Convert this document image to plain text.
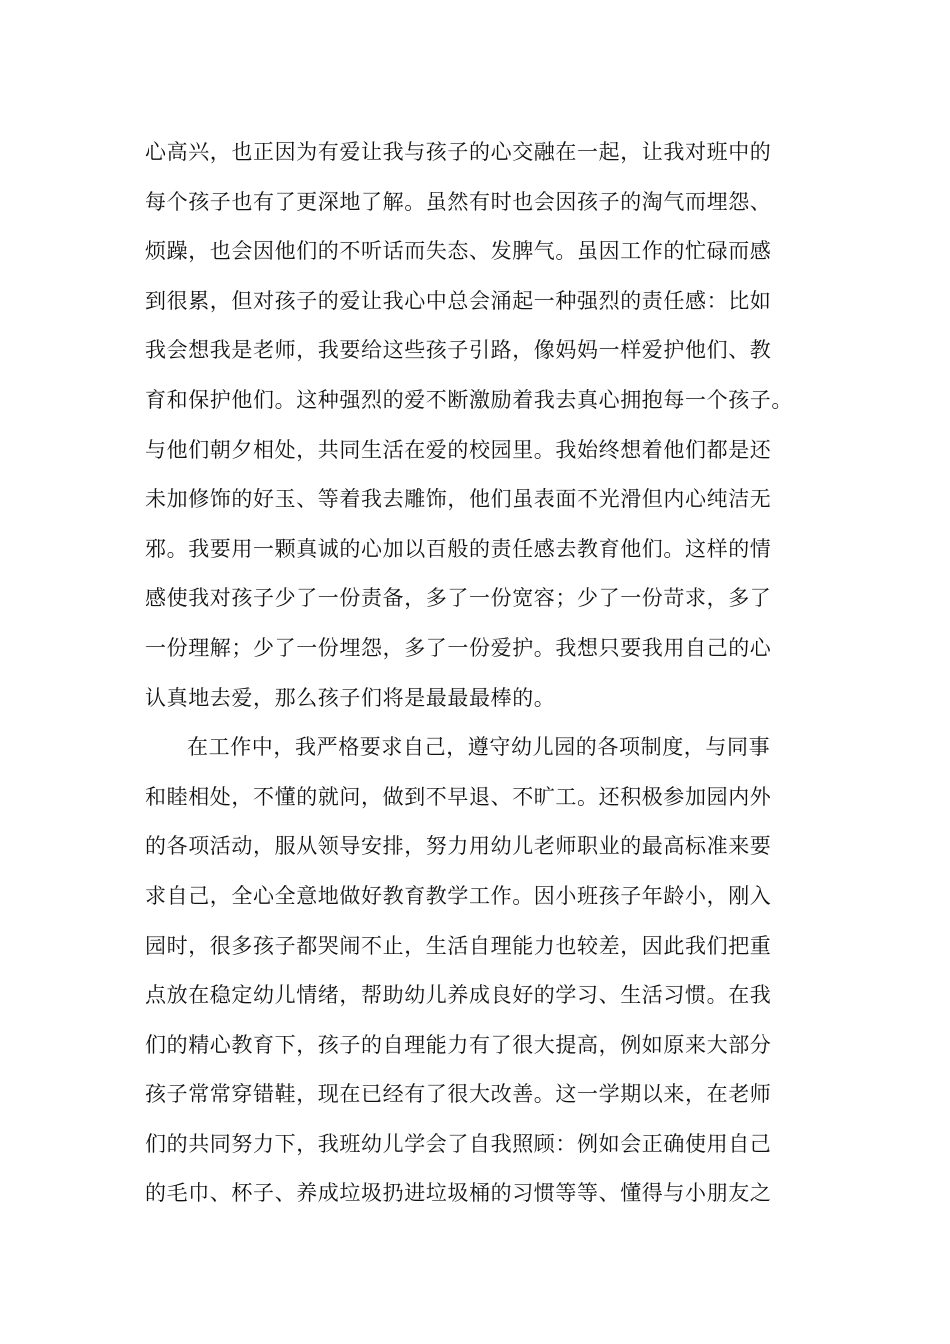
心高兴，也正因为有爱让我与孩子的心交融在一起，让我对班中的
每个孩子也有了更深地了解。虽然有时也会因孩子的淘气而埋怨、
烦躁，也会因他们的不听话而失态、发脾气。虽因工作的忙碌而感
到很累，但对孩子的爱让我心中总会涌起一种强烈的责任感：比如
我会想我是老师，我要给这些孩子引路，像妈妈一样爱护他们、教
育和保护他们。这种强烈的爱不断激励着我去真心拥抱每一个孩子。
与他们朝夕相处，共同生活在爱的校园里。我始终想着他们都是还
未加修饰的好玉、等着我去雕饰，他们虽表面不光滑但内心纯洁无
邪。我要用一颗真诚的心加以百般的责任感去教育他们。这样的情
感使我对孩子少了一份责备，多了一份宽容；少了一份苛求，多了
一份理解；少了一份埋怨，多了一份爱护。我想只要我用自己的心
认真地去爱，那么孩子们将是最最最棒的。
在工作中，我严格要求自己，遵守幼儿园的各项制度，与同事
和睦相处，不懂的就问，做到不早退、不旷工。还积极参加园内外
的各项活动，服从领导安排，努力用幼儿老师职业的最高标准来要
求自己，全心全意地做好教育教学工作。因小班孩子年龄小，刚入
园时，很多孩子都哭闹不止，生活自理能力也较差，因此我们把重
点放在稳定幼儿情绪，帮助幼儿养成良好的学习、生活习惯。在我
们的精心教育下，孩子的自理能力有了很大提高，例如原来大部分
孩子常常穿错鞋，现在已经有了很大改善。这一学期以来，在老师
们的共同努力下，我班幼儿学会了自我照顾：例如会正确使用自己
的毛巾、杯子、养成垃圾扔进垃圾桶的习惯等等、懂得与小朋友之
